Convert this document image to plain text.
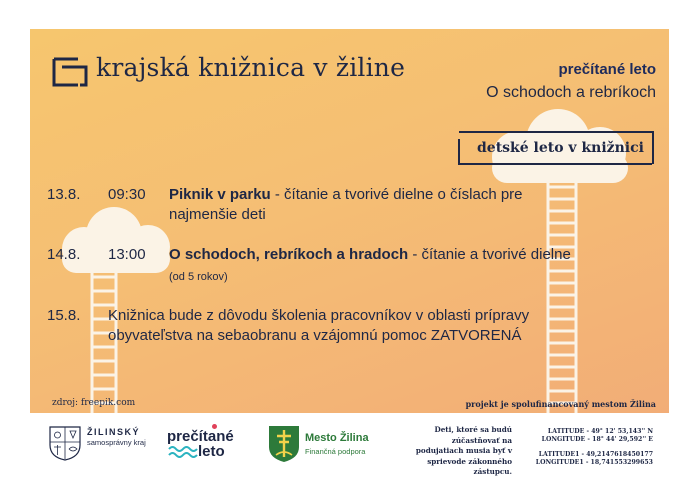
krajská knižnica v žiline	prečítané leto
O schodoch a rebríkoch
detské leto v knižnici
13.8. 09:30 Piknik v parku - čítanie a tvorivé dielne o číslach pre najmenšie deti
14.8. 13:00 O schodoch, rebríkoch a hradoch - čítanie a tvorivé dielne
(od 5 rokov)
15.8. Knižnica bude z dôvodu školenia pracovníkov v oblasti prípravy obyvateľstva na sebaobranu a vzájomnú pomoc ZATVORENÁ
zdroj: freepik.com	projekt je spolufinancovaný mestom Žilina
ŽILINSKÝ
samosprávny kraj prečítané
leto
Mesto Žilina
Finančná podpora
Deti, ktoré sa budú zúčastňovať na podujatiach musia byť v sprievode zákonného zástupcu.
LATITUDE - 49° 12' 53,143'' N
LONGITUDE - 18° 44' 29,592'' E
LATITUDE1 - 49,2147618450177
LONGITUDE1 - 18,741553299653
